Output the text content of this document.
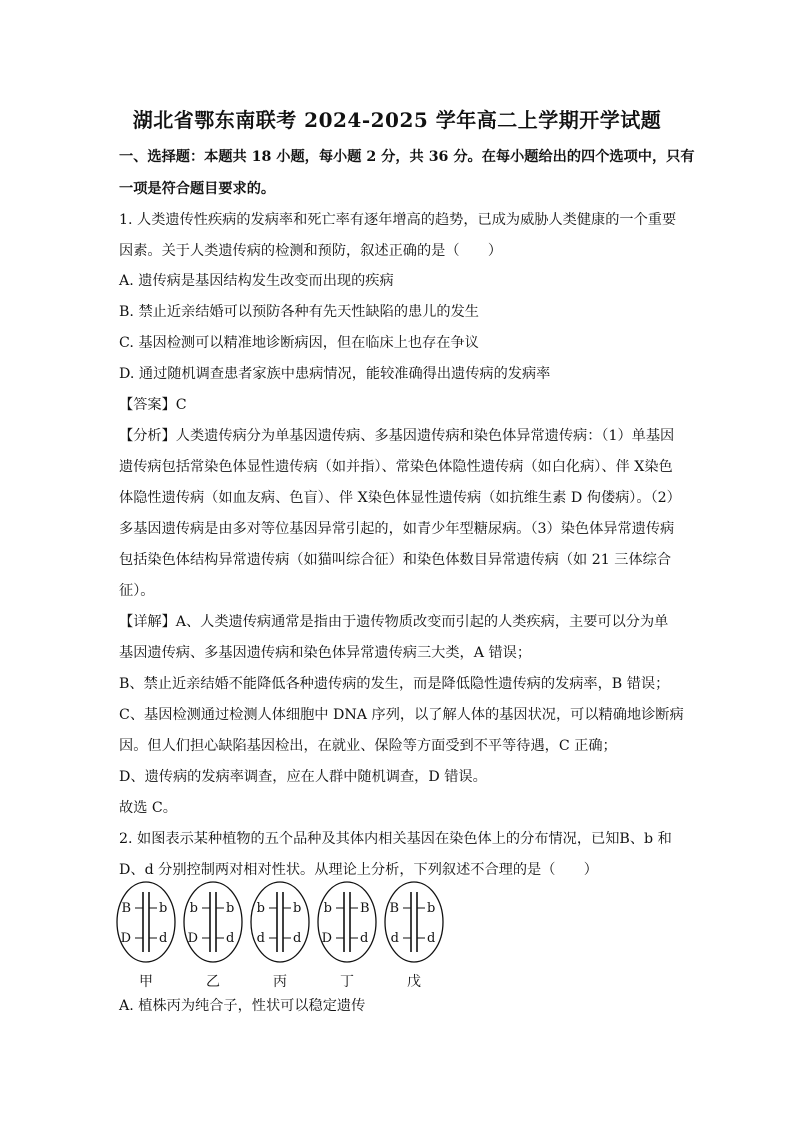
湖北省鄂东南联考 2024-2025 学年高二上学期开学试题
一、选择题：本题共 18 小题，每小题 2 分，共 36 分。在每小题给出的四个选项中，只有
一项是符合题目要求的。
1. 人类遗传性疾病的发病率和死亡率有逐年增高的趋势，已成为威胁人类健康的一个重要
因素。关于人类遗传病的检测和预防，叙述正确的是（　　）
A. 遗传病是基因结构发生改变而出现的疾病
B. 禁止近亲结婚可以预防各种有先天性缺陷的患儿的发生
C. 基因检测可以精准地诊断病因，但在临床上也存在争议
D. 通过随机调查患者家族中患病情况，能较准确得出遗传病的发病率
【答案】C
【分析】人类遗传病分为单基因遗传病、多基因遗传病和染色体异常遗传病：（1）单基因
遗传病包括常染色体显性遗传病（如并指）、常染色体隐性遗传病（如白化病）、伴 X染色
体隐性遗传病（如血友病、色盲）、伴 X染色体显性遗传病（如抗维生素 D 佝偻病）。（2）
多基因遗传病是由多对等位基因异常引起的，如青少年型糖尿病。（3）染色体异常遗传病
包括染色体结构异常遗传病（如猫叫综合征）和染色体数目异常遗传病（如 21 三体综合
征）。
【详解】A、人类遗传病通常是指由于遗传物质改变而引起的人类疾病，主要可以分为单
基因遗传病、多基因遗传病和染色体异常遗传病三大类，A 错误；
B、禁止近亲结婚不能降低各种遗传病的发生，而是降低隐性遗传病的发病率，B 错误；
C、基因检测通过检测人体细胞中 DNA 序列，以了解人体的基因状况，可以精确地诊断病
因。但人们担心缺陷基因检出，在就业、保险等方面受到不平等待遇，C 正确；
D、遗传病的发病率调查，应在人群中随机调查，D 错误。
故选 C。
2. 如图表示某种植物的五个品种及其体内相关基因在染色体上的分布情况，已知B、b 和
D、d 分别控制两对相对性状。从理论上分析，下列叙述不合理的是（　　）
B b
D d
甲
b b
D d
乙
b b
d d
丙
b B
D d
丁
B b
d d
戊
A. 植株丙为纯合子，性状可以稳定遗传
